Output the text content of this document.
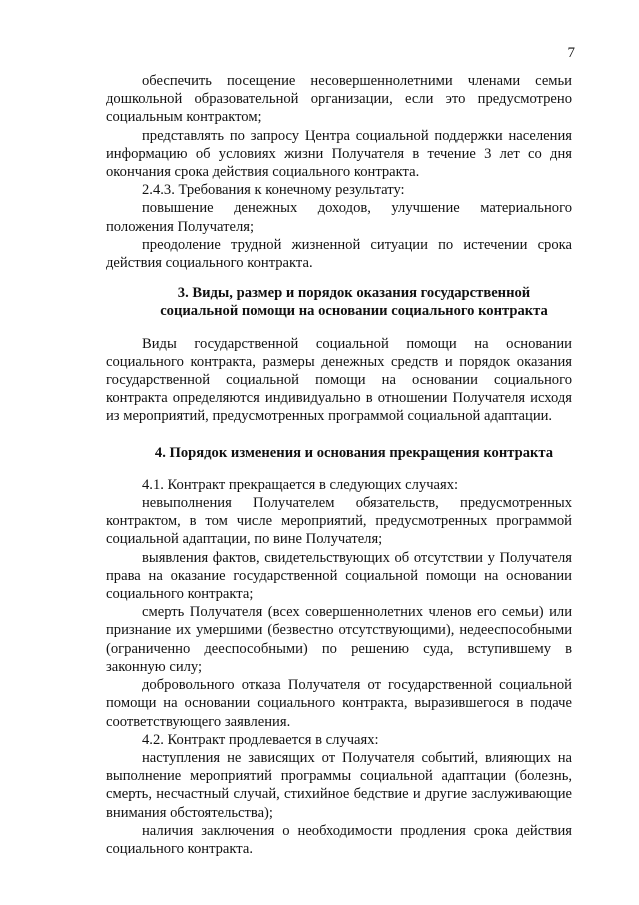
7

обеспечить посещение несовершеннолетними членами семьи дошкольной образовательной организации, если это предусмотрено социальным контрактом;

представлять по запросу Центра социальной поддержки населения информацию об условиях жизни Получателя в течение 3 лет со дня окончания срока действия социального контракта.

2.4.3. Требования к конечному результату:

повышение денежных доходов, улучшение материального положения Получателя;

преодоление трудной жизненной ситуации по истечении срока действия социального контракта.

3. Виды, размер и порядок оказания государственной
социальной помощи на основании социального контракта

Виды государственной социальной помощи на основании социального контракта, размеры денежных средств и порядок оказания государственной социальной помощи на основании социального контракта определяются индивидуально в отношении Получателя исходя из мероприятий, предусмотренных программой социальной адаптации.

4. Порядок изменения и основания прекращения контракта

4.1. Контракт прекращается в следующих случаях:

невыполнения Получателем обязательств, предусмотренных контрактом, в том числе мероприятий, предусмотренных программой социальной адаптации, по вине Получателя;

выявления фактов, свидетельствующих об отсутствии у Получателя права на оказание государственной социальной помощи на основании социального контракта;

смерть Получателя (всех совершеннолетних членов его семьи) или признание их умершими (безвестно отсутствующими), недееспособными (ограниченно дееспособными) по решению суда, вступившему в законную силу;

добровольного отказа Получателя от государственной социальной помощи на основании социального контракта, выразившегося в подаче соответствующего заявления.

4.2. Контракт продлевается в случаях:

наступления не зависящих от Получателя событий, влияющих на выполнение мероприятий программы социальной адаптации (болезнь, смерть, несчастный случай, стихийное бедствие и другие заслуживающие внимания обстоятельства);

наличия заключения о необходимости продления срока действия социального контракта.
